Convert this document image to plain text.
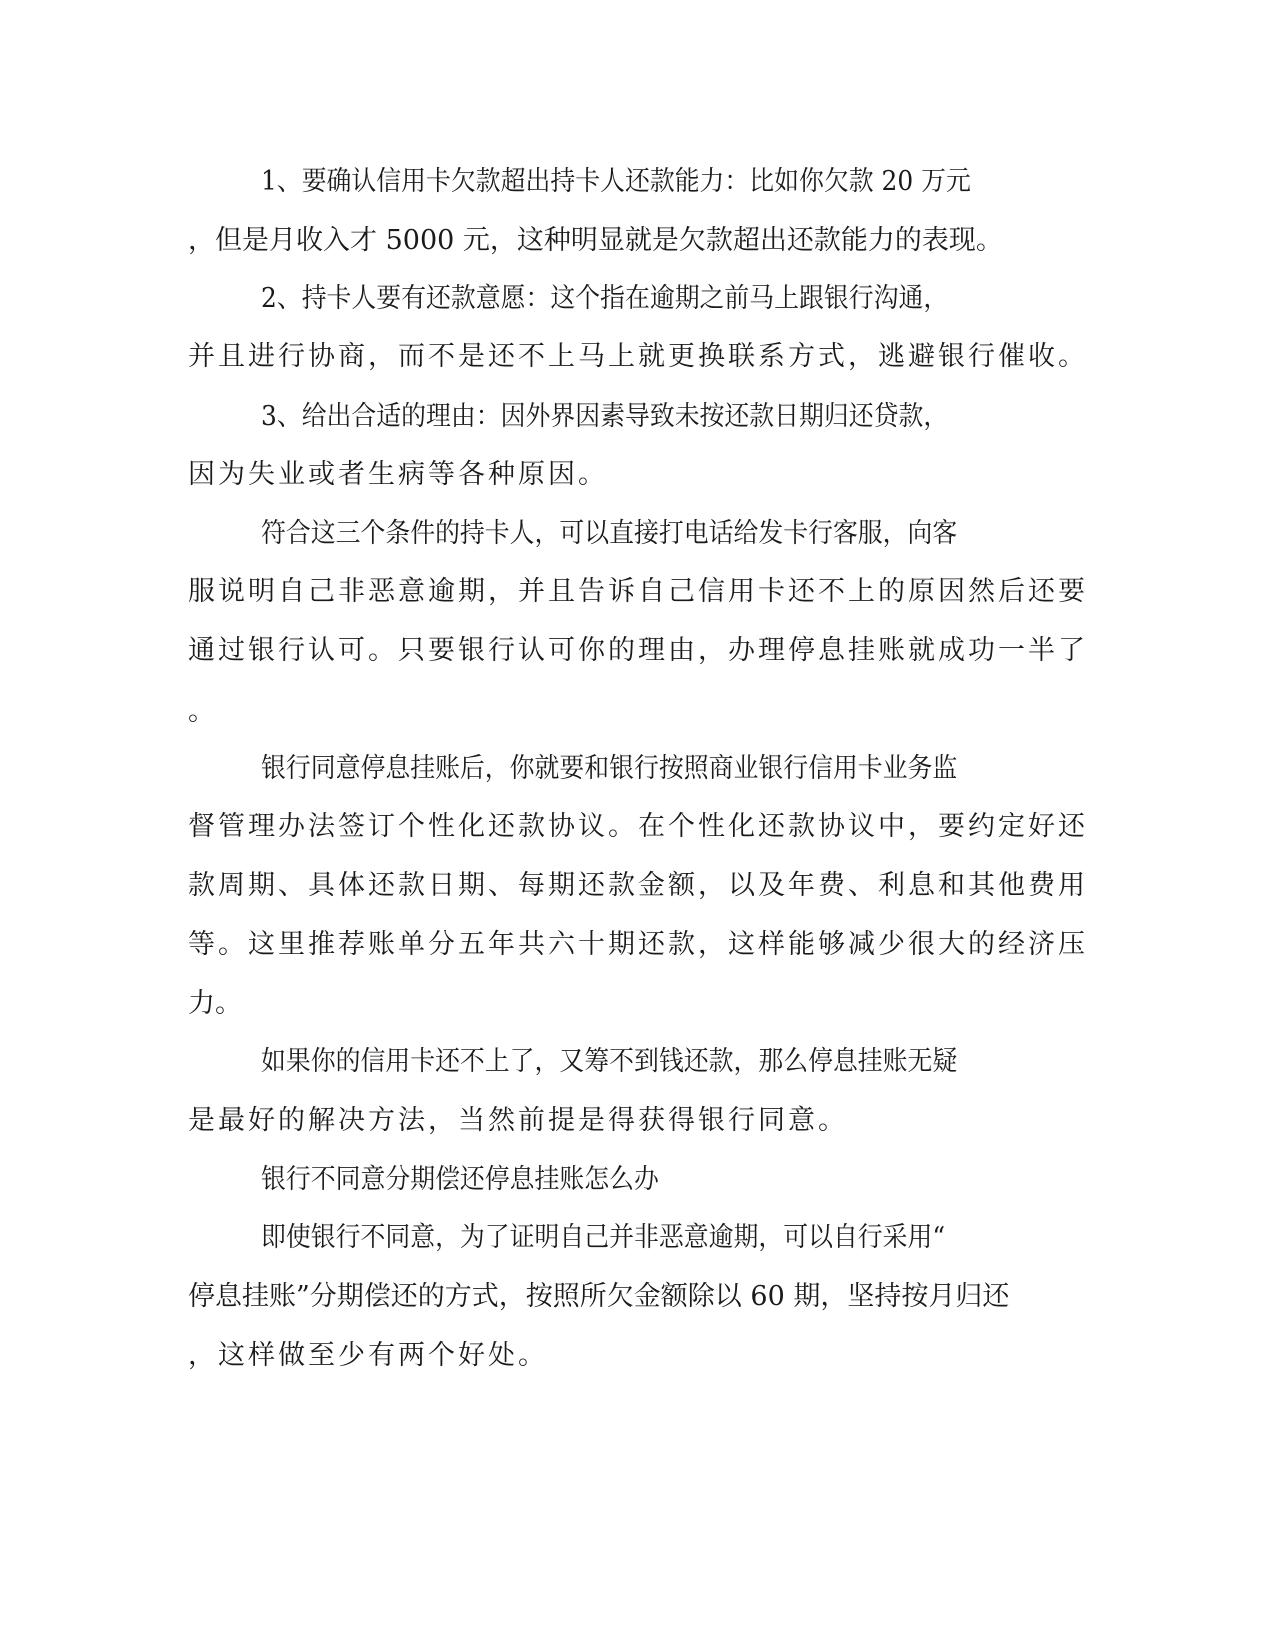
1、要确认信用卡欠款超出持卡人还款能力：比如你欠款 20 万元
，但是月收入才 5000 元，这种明显就是欠款超出还款能力的表现。
2、持卡人要有还款意愿：这个指在逾期之前马上跟银行沟通，
并且进行协商，而不是还不上马上就更换联系方式，逃避银行催收。
3、给出合适的理由：因外界因素导致未按还款日期归还贷款，
因为失业或者生病等各种原因。
符合这三个条件的持卡人，可以直接打电话给发卡行客服，向客
服说明自己非恶意逾期，并且告诉自己信用卡还不上的原因然后还要
通过银行认可。只要银行认可你的理由，办理停息挂账就成功一半了
。
银行同意停息挂账后，你就要和银行按照商业银行信用卡业务监
督管理办法签订个性化还款协议。在个性化还款协议中，要约定好还
款周期、具体还款日期、每期还款金额，以及年费、利息和其他费用
等。这里推荐账单分五年共六十期还款，这样能够减少很大的经济压
力。
如果你的信用卡还不上了，又筹不到钱还款，那么停息挂账无疑
是最好的解决方法，当然前提是得获得银行同意。
银行不同意分期偿还停息挂账怎么办
即使银行不同意，为了证明自己并非恶意逾期，可以自行采用“
停息挂账”分期偿还的方式，按照所欠金额除以 60 期，坚持按月归还
，这样做至少有两个好处。
